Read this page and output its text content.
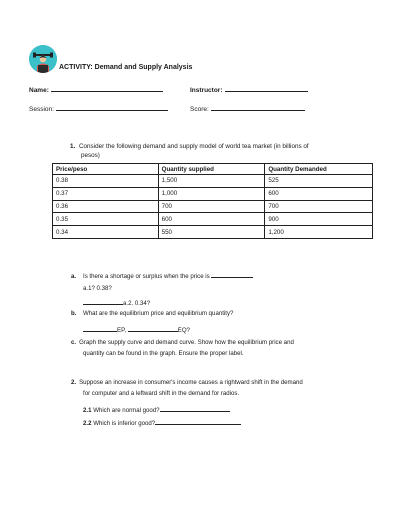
ACTIVITY: Demand and Supply Analysis
Name:	Instructor:
Session:	Score:
1. Consider the following demand and supply model of world tea market (in billions of
pesos)
Price/peso	Quantity supplied	Quantity Demanded
0.38	1,500	525
0.37	1,000	600
0.36	700	700
0.35	600	900
0.34	550	1,200
a. Is there a shortage or surplus when the price is
a.1? 0.38?
a.2. 0.34?
b. What are the equilibrium price and equilibrium quantity?
EP,	EQ?
c. Graph the supply curve and demand curve. Show how the equilibrium price and
quantity can be found in the graph. Ensure the proper label.
2. Suppose an increase in consumer's income causes a rightward shift in the demand
for computer and a leftward shift in the demand for radios.
2.1 Which are normal good?
2.2 Which is inferior good?
